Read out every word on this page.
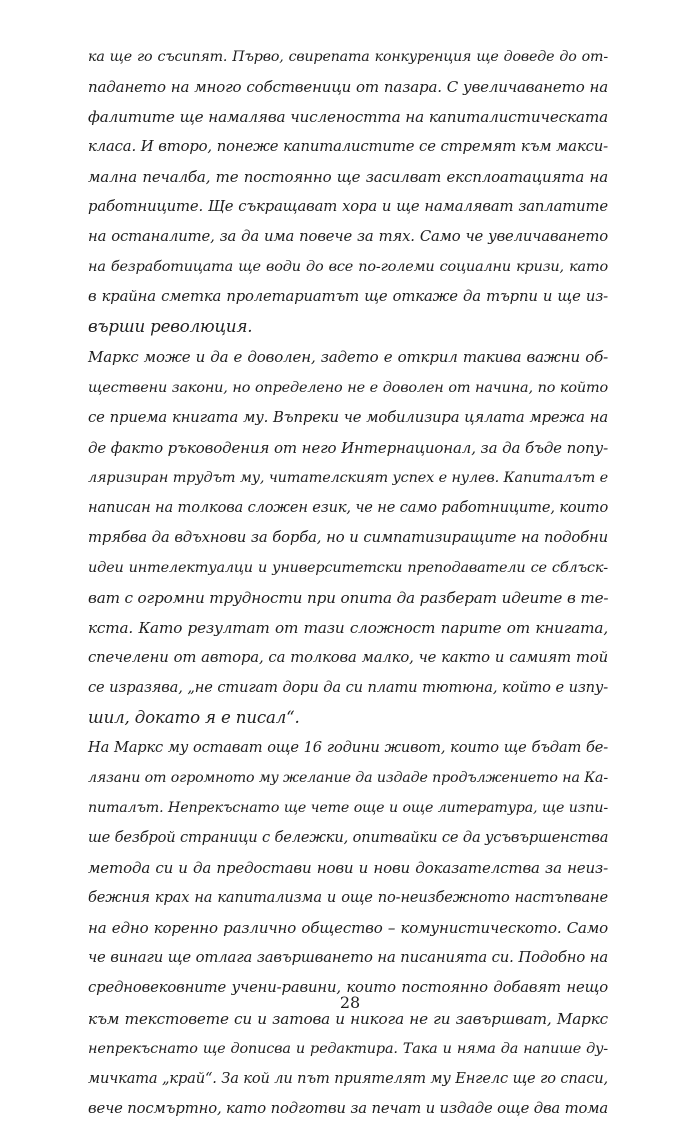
ка ще го съсипят. Първо, свирепата конкуренция ще доведе до от-
падането на много собственици от пазара. С увеличаването на
фалитите ще намалява числеността на капиталистическата
класа. И второ, понеже капиталистите се стремят към макси-
мална печалба, те постоянно ще засилват експлоатацията на
работниците. Ще съкращават хора и ще намаляват заплатите
на останалите, за да има повече за тях. Само че увеличаването
на безработицата ще води до все по-големи социални кризи, като
в крайна сметка пролетариатът ще откаже да търпи и ще из-
върши революция.
Маркс може и да е доволен, задето е открил такива важни об-
ществени закони, но определено не е доволен от начина, по който
се приема книгата му. Въпреки че мобилизира цялата мрежа на
де факто ръководения от него Интернационал, за да бъде попу-
ляризиран трудът му, читателският успех е нулев. Капиталът е
написан на толкова сложен език, че не само работниците, които
трябва да вдъхнови за борба, но и симпатизиращите на подобни
идеи интелектуалци и университетски преподаватели се сблъск-
ват с огромни трудности при опита да разберат идеите в те-
кста. Като резултат от тази сложност парите от книгата,
спечелени от автора, са толкова малко, че както и самият той
се изразява, „не стигат дори да си плати тютюна, който е изпу-
шил, докато я е писал“.
На Маркс му остават още 16 години живот, които ще бъдат бе-
лязани от огромното му желание да издаде продължението на Ка-
питалът. Непрекъснато ще чете още и още литература, ще изпи-
ше безброй страници с бележки, опитвайки се да усъвършенства
метода си и да предостави нови и нови доказателства за неиз-
бежния крах на капитализма и още по-неизбежното настъпване
на едно коренно различно общество – комунистическото. Само
че винаги ще отлага завършването на писанията си. Подобно на
средновековните учени-равини, които постоянно добавят нещо
към текстовете си и затова и никога не ги завършват, Маркс
непрекъснато ще дописва и редактира. Така и няма да напише ду-
мичката „край“. За кой ли път приятелят му Енгелс ще го спаси,
вече посмъртно, като подготви за печат и издаде още два тома
28
